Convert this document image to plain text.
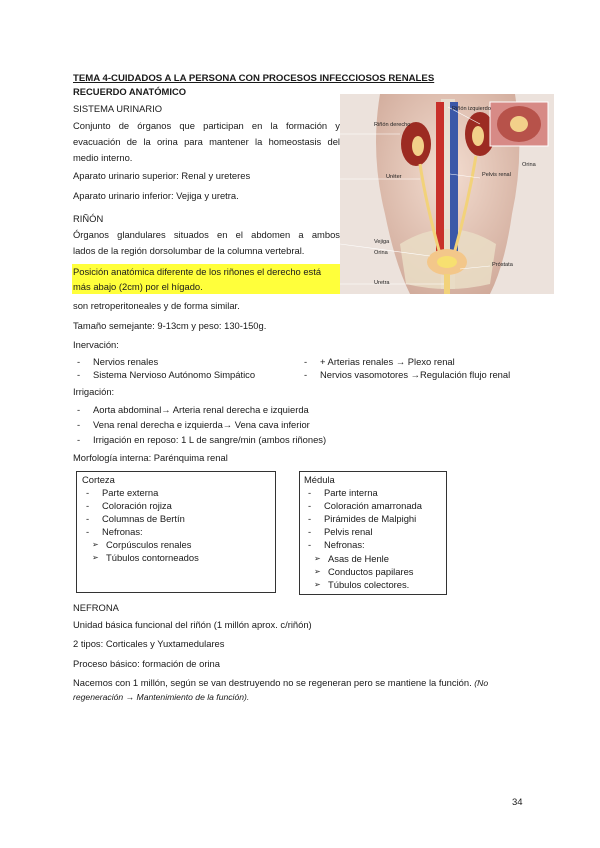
TEMA 4-CUIDADOS A LA PERSONA CON PROCESOS INFECCIOSOS RENALES
RECUERDO ANATÓMICO
SISTEMA URINARIO
Conjunto de órganos que participan en la formación y
evacuación de la orina para mantener la homeostasis del
medio interno.
Aparato urinario superior: Renal y ureteres
Aparato urinario inferior: Vejiga y uretra.
RIÑÓN
Órganos glandulares situados en el abdomen a ambos
lados de la región dorsolumbar de la columna vertebral.
Posición anatómica diferente de los riñones el derecho está
más abajo (2cm) por el hígado.
son retroperitoneales y de forma similar.
Tamaño semejante: 9-13cm y peso: 130-150g.
Riñón izquierdo
Riñón derecho
Uréter	Pelvis renal
Orina
Vejiga
Orina
Próstata
Uretra
Inervación:
- Nervios renales
- Sistema Nervioso Autónomo Simpático
- + Arterias renales → Plexo renal
- Nervios vasomotores →Regulación flujo renal
Irrigación:
- Aorta abdominal→ Arteria renal derecha e izquierda
- Vena renal derecha e izquierda→ Vena cava inferior
- Irrigación en reposo: 1 L de sangre/min (ambos riñones)
Morfología interna: Parénquima renal
Corteza
- Parte externa
- Coloración rojiza
- Columnas de Bertín
- Nefronas:
➢ Corpúsculos renales
➢ Túbulos contorneados
Médula
- Parte interna
- Coloración amarronada
- Pirámides de Malpighi
- Pelvis renal
- Nefronas:
➢ Asas de Henle
➢ Conductos papilares
➢ Túbulos colectores.
NEFRONA
Unidad básica funcional del riñón (1 millón aprox. c/riñón)
2 tipos: Corticales y Yuxtamedulares
Proceso básico: formación de orina
Nacemos con 1 millón, según se van destruyendo no se regeneran pero se mantiene la función. (No
regeneración → Mantenimiento de la función).
34
